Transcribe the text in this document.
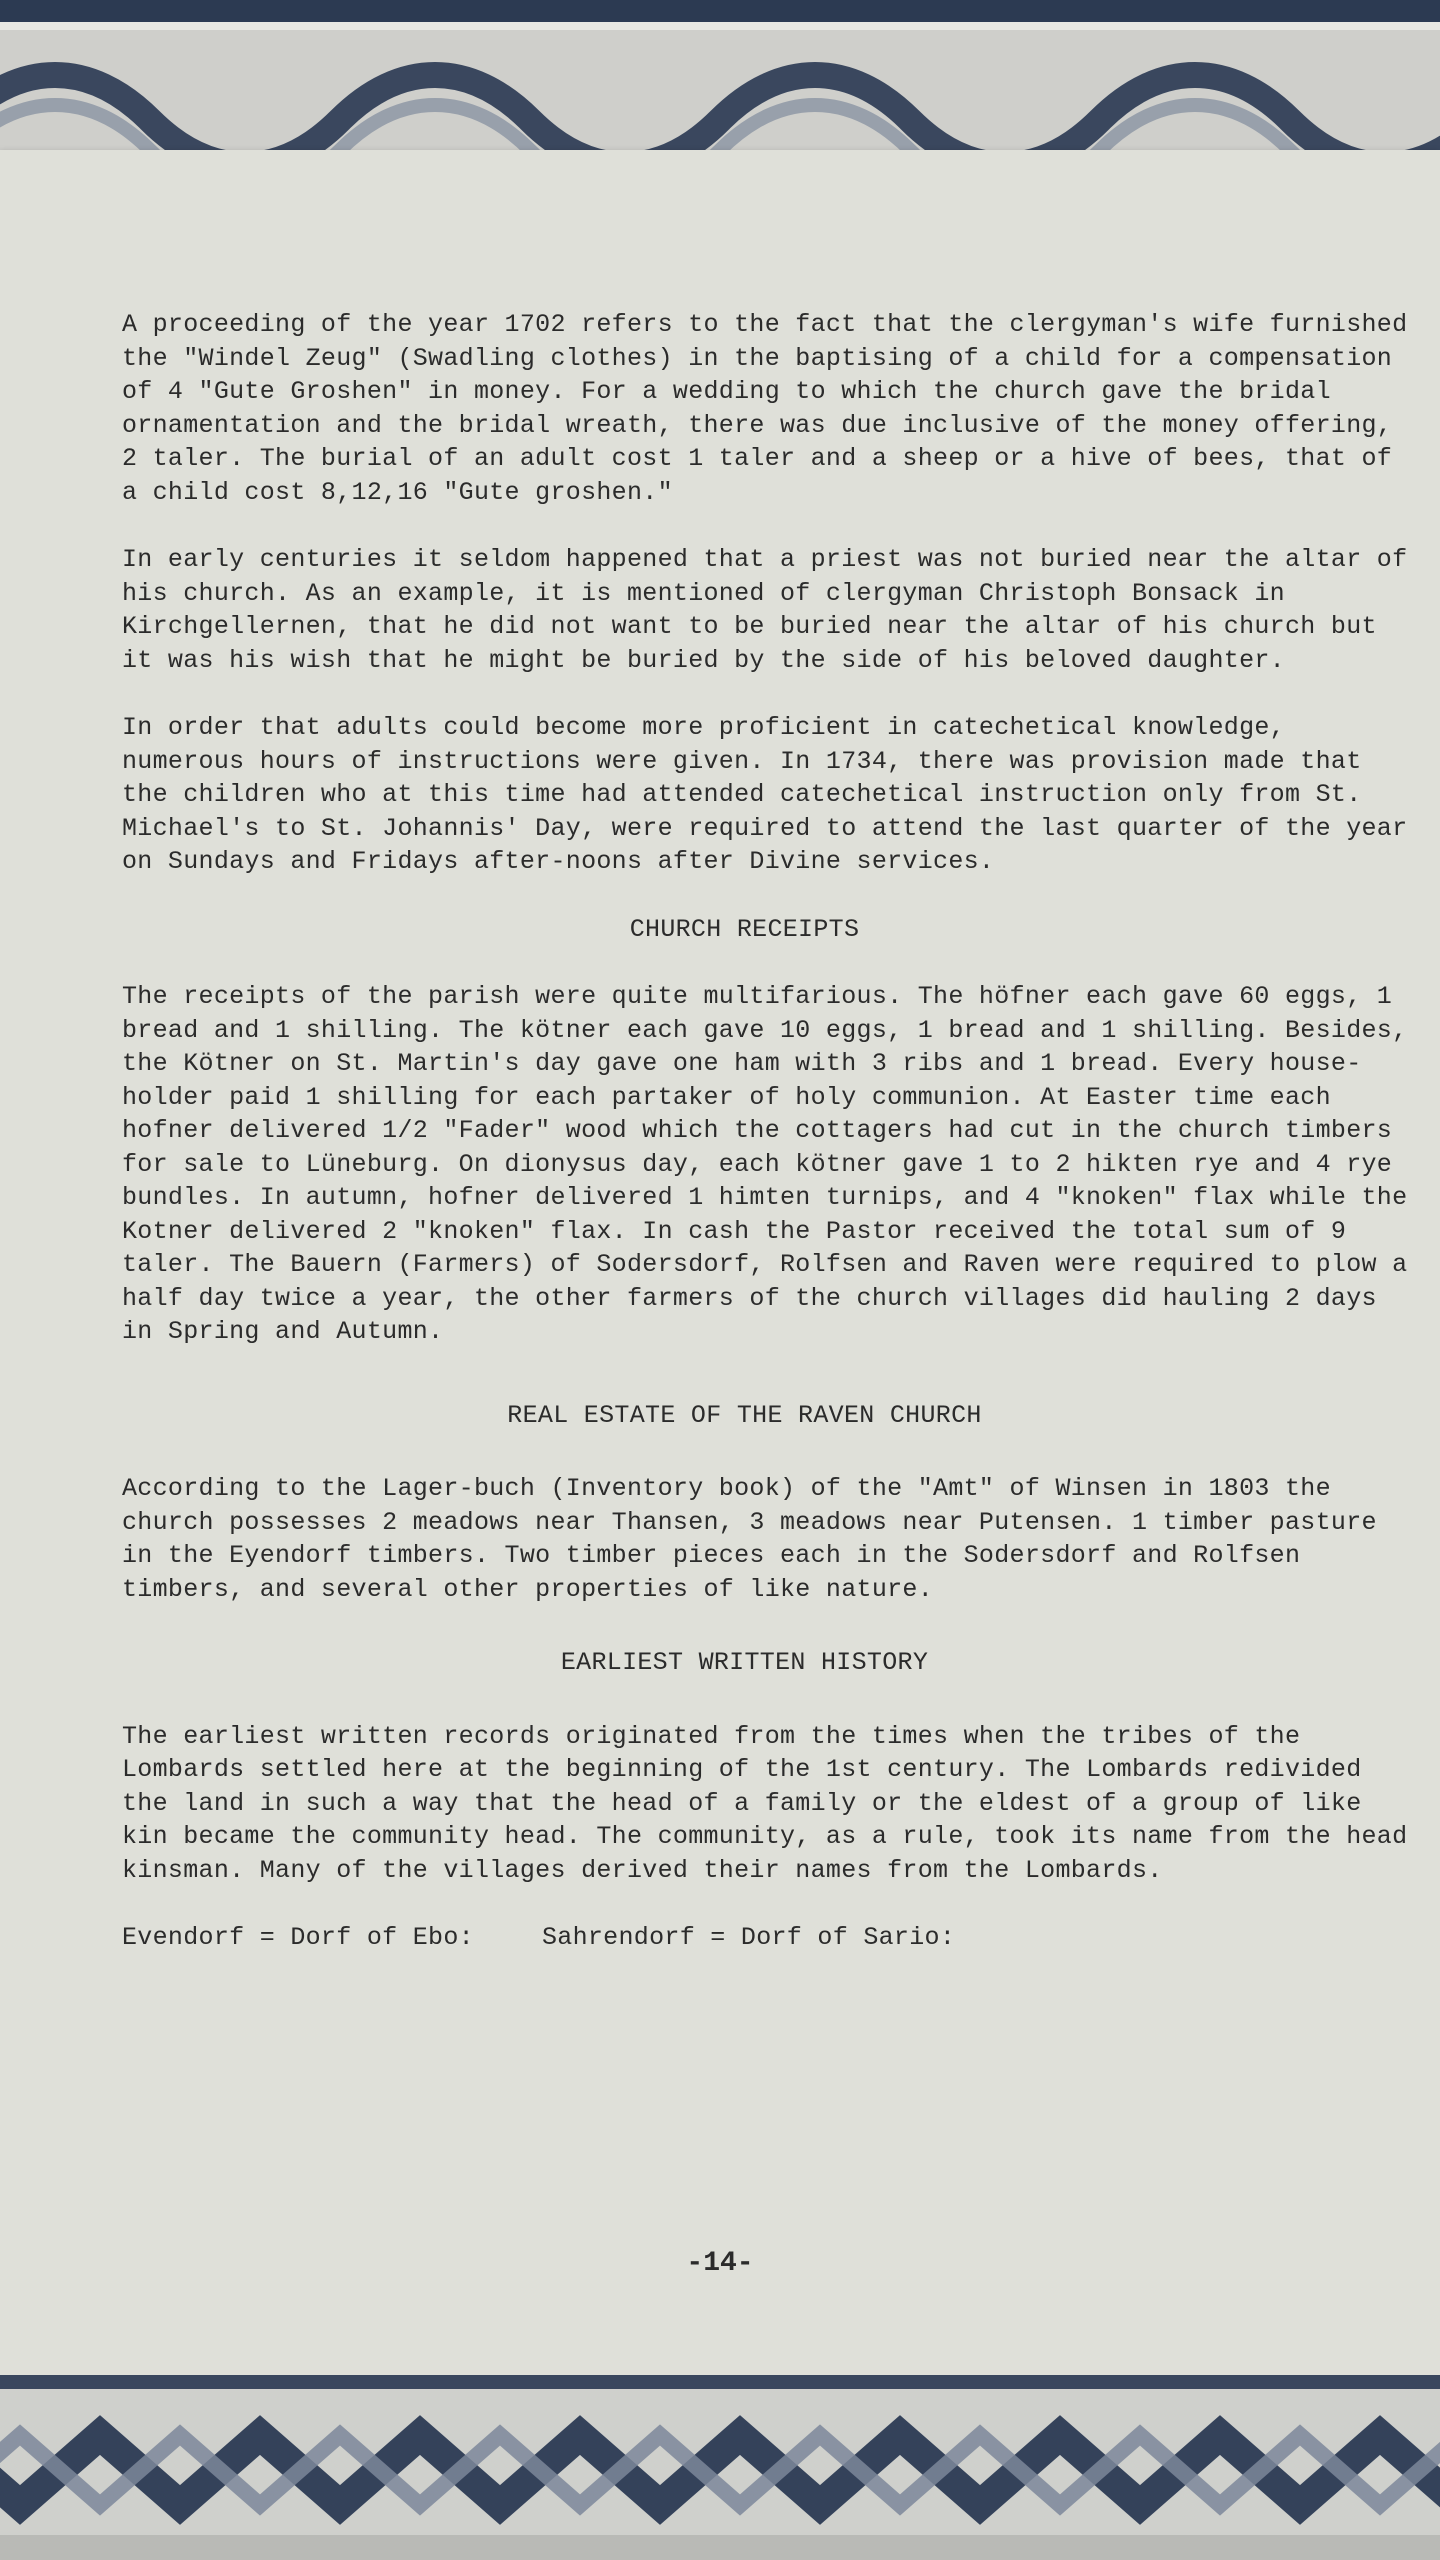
A proceeding of the year 1702 refers to the fact that the clergyman's wife furnished the "Windel Zeug" (Swadling clothes) in the baptising of a child for a compensation of 4 "Gute Groshen" in money. For a wedding to which the church gave the bridal ornamentation and the bridal wreath, there was due inclusive of the money offering, 2 taler. The burial of an adult cost 1 taler and a sheep or a hive of bees, that of a child cost 8,12,16 "Gute groshen."

In early centuries it seldom happened that a priest was not buried near the altar of his church. As an example, it is mentioned of clergyman Christoph Bonsack in Kirchgellernen, that he did not want to be buried near the altar of his church but it was his wish that he might be buried by the side of his beloved daughter.

In order that adults could become more proficient in catechetical knowledge, numerous hours of instructions were given. In 1734, there was provision made that the children who at this time had attended catechetical instruction only from St. Michael's to St. Johannis' Day, were required to attend the last quarter of the year on Sundays and Fridays after-noons after Divine services.

CHURCH RECEIPTS

The receipts of the parish were quite multifarious. The höfner each gave 60 eggs, 1 bread and 1 shilling. The kötner each gave 10 eggs, 1 bread and 1 shilling. Besides, the Kötner on St. Martin's day gave one ham with 3 ribs and 1 bread. Every house-holder paid 1 shilling for each partaker of holy communion. At Easter time each hofner delivered 1/2 "Fader" wood which the cottagers had cut in the church timbers for sale to Lüneburg. On dionysus day, each kötner gave 1 to 2 hikten rye and 4 rye bundles. In autumn, hofner delivered 1 himten turnips, and 4 "knoken" flax while the Kotner delivered 2 "knoken" flax. In cash the Pastor received the total sum of 9 taler. The Bauern (Farmers) of Sodersdorf, Rolfsen and Raven were required to plow a half day twice a year, the other farmers of the church villages did hauling 2 days in Spring and Autumn.

REAL ESTATE OF THE RAVEN CHURCH

According to the Lager-buch (Inventory book) of the "Amt" of Winsen in 1803 the church possesses 2 meadows near Thansen, 3 meadows near Putensen. 1 timber pasture in the Eyendorf timbers. Two timber pieces each in the Sodersdorf and Rolfsen timbers, and several other properties of like nature.

EARLIEST WRITTEN HISTORY

The earliest written records originated from the times when the tribes of the Lombards settled here at the beginning of the 1st century. The Lombards redivided the land in such a way that the head of a family or the eldest of a group of like kin became the community head. The community, as a rule, took its name from the head kinsman. Many of the villages derived their names from the Lombards.

Evendorf = Dorf of Ebo:	Sahrendorf = Dorf of Sario:
-14-
